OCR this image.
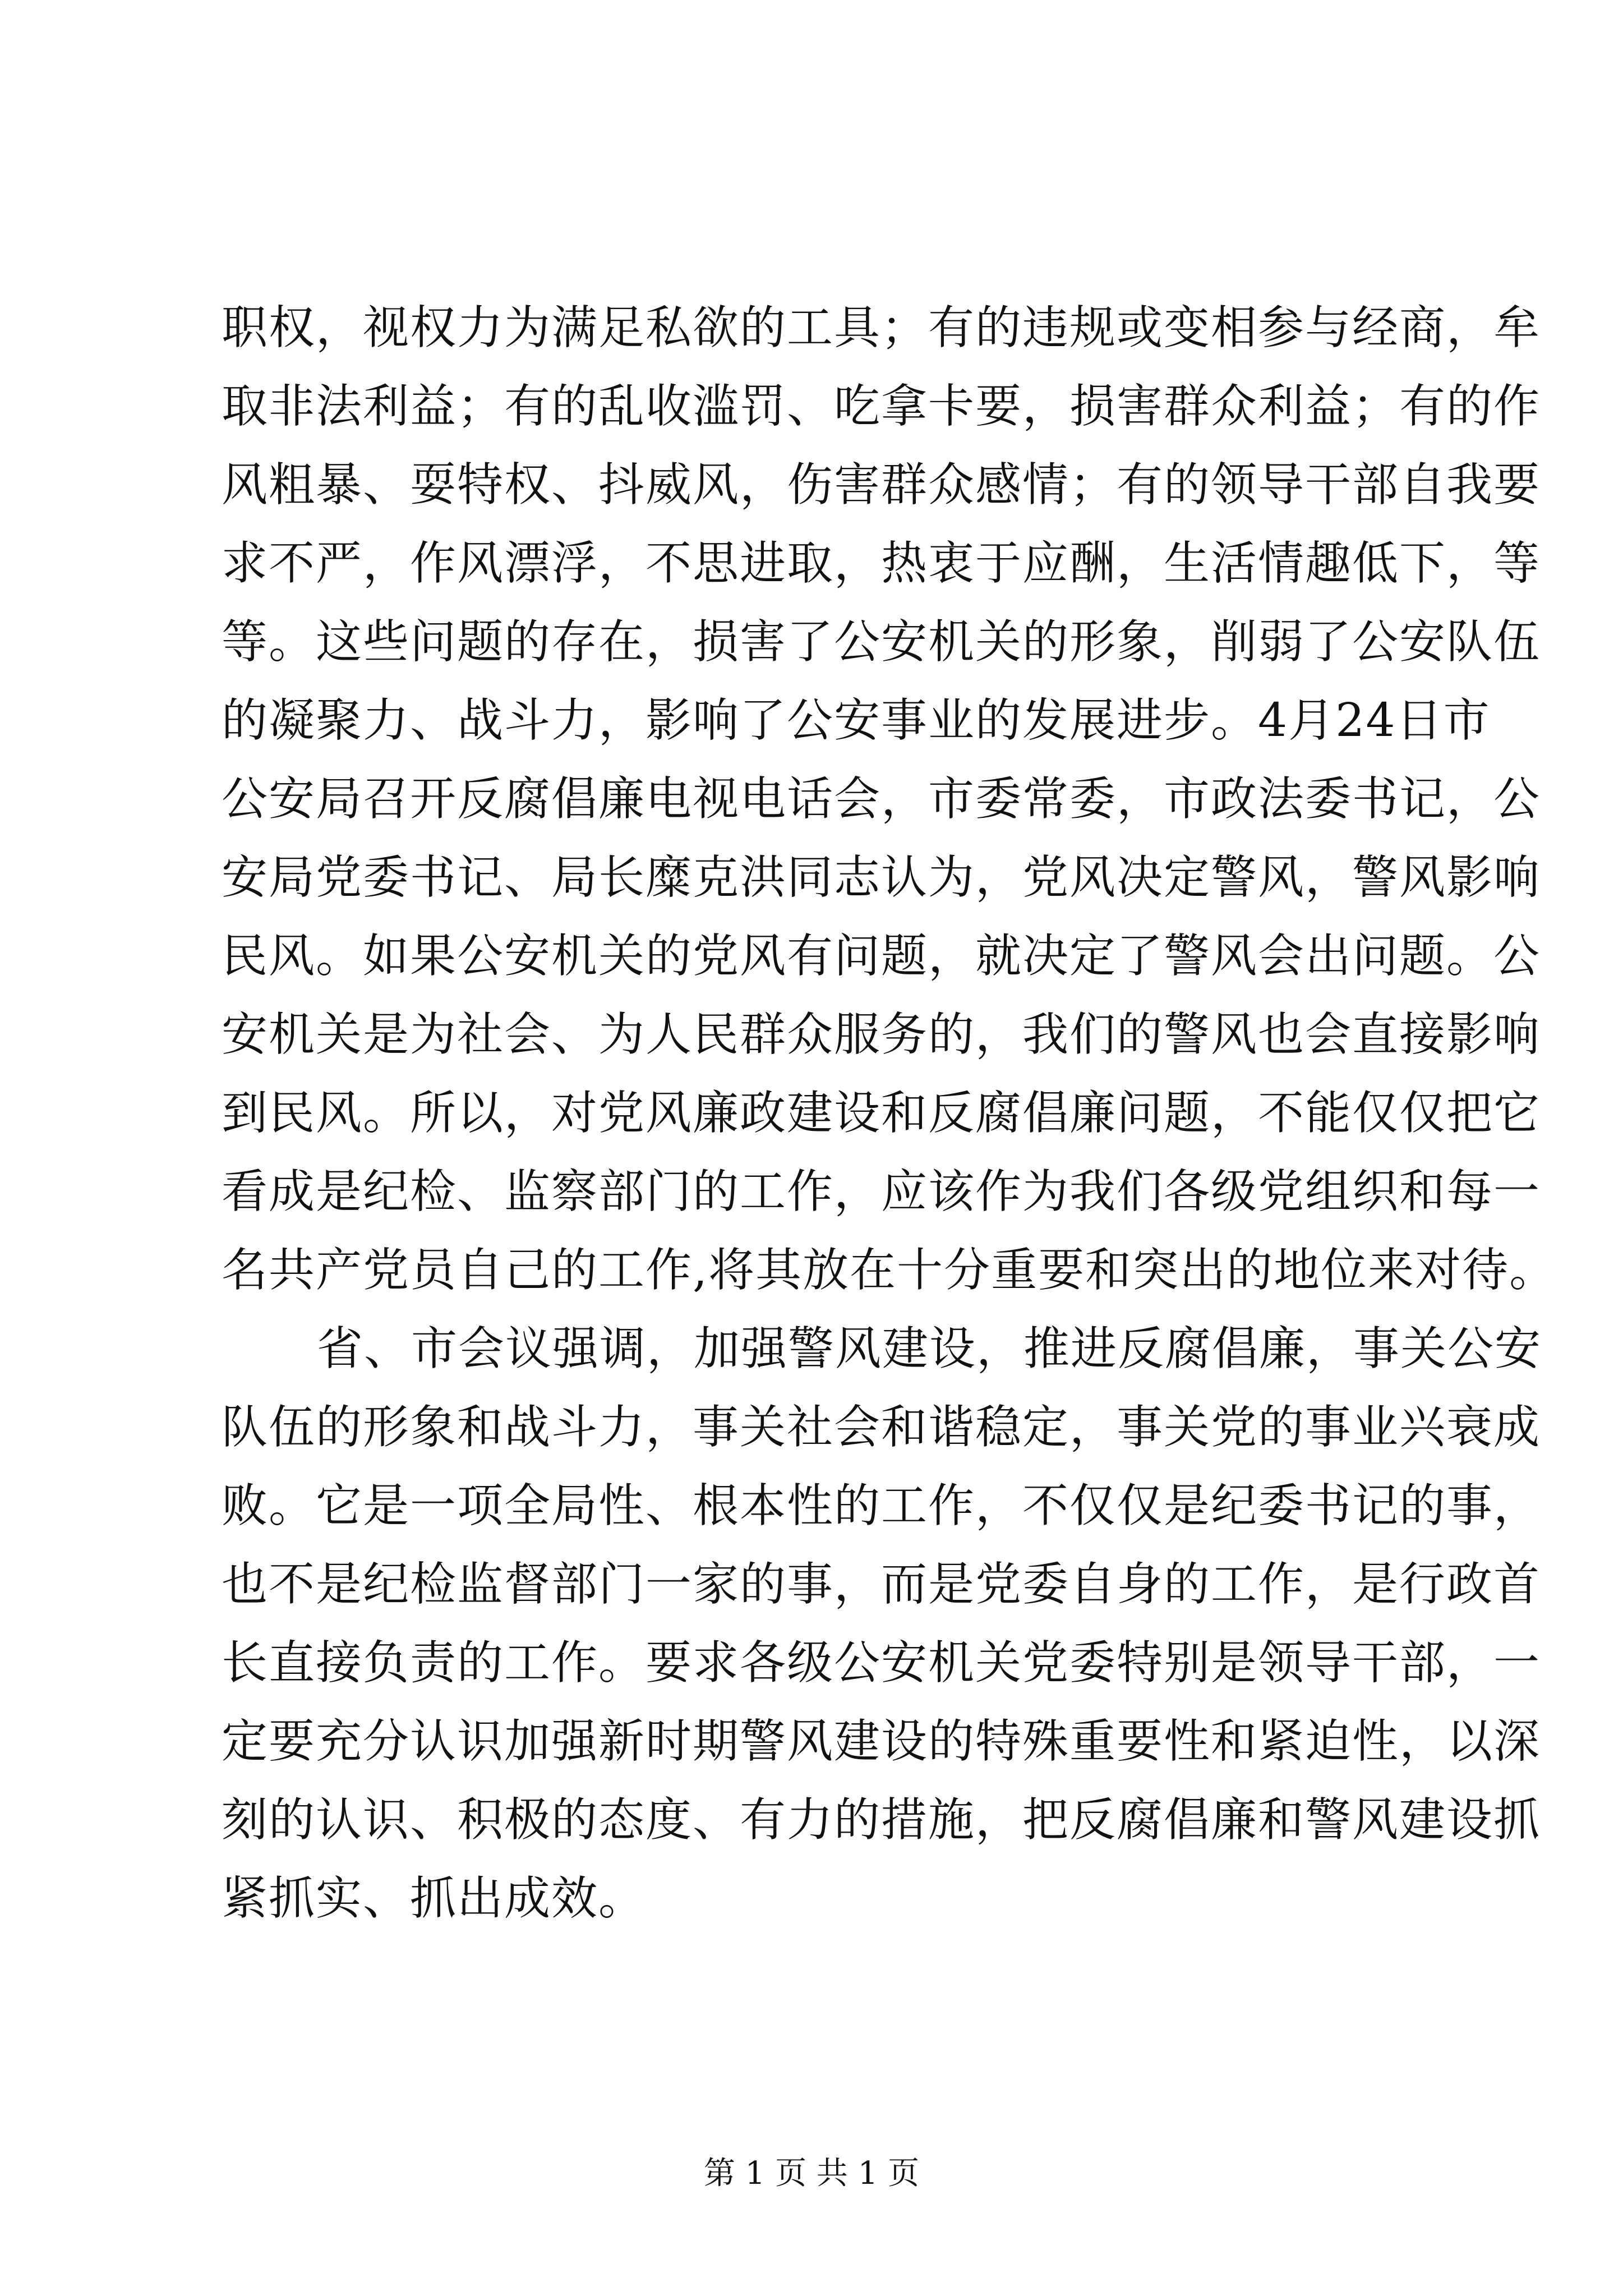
职权，视权力为满足私欲的工具；有的违规或变相参与经商，牟
取非法利益；有的乱收滥罚、吃拿卡要，损害群众利益；有的作
风粗暴、耍特权、抖威风，伤害群众感情；有的领导干部自我要
求不严，作风漂浮，不思进取，热衷于应酬，生活情趣低下，等
等。这些问题的存在，损害了公安机关的形象，削弱了公安队伍
的凝聚力、战斗力，影响了公安事业的发展进步。4月24日市
公安局召开反腐倡廉电视电话会，市委常委，市政法委书记，公
安局党委书记、局长糜克洪同志认为，党风决定警风，警风影响
民风。如果公安机关的党风有问题，就决定了警风会出问题。公
安机关是为社会、为人民群众服务的，我们的警风也会直接影响
到民风。所以，对党风廉政建设和反腐倡廉问题，不能仅仅把它
看成是纪检、监察部门的工作，应该作为我们各级党组织和每一
名共产党员自己的工作,将其放在十分重要和突出的地位来对待。
省、市会议强调，加强警风建设，推进反腐倡廉，事关公安
队伍的形象和战斗力，事关社会和谐稳定，事关党的事业兴衰成
败。它是一项全局性、根本性的工作，不仅仅是纪委书记的事，
也不是纪检监督部门一家的事，而是党委自身的工作，是行政首
长直接负责的工作。要求各级公安机关党委特别是领导干部，一
定要充分认识加强新时期警风建设的特殊重要性和紧迫性，以深
刻的认识、积极的态度、有力的措施，把反腐倡廉和警风建设抓
紧抓实、抓出成效。
第 1 页 共 1 页
